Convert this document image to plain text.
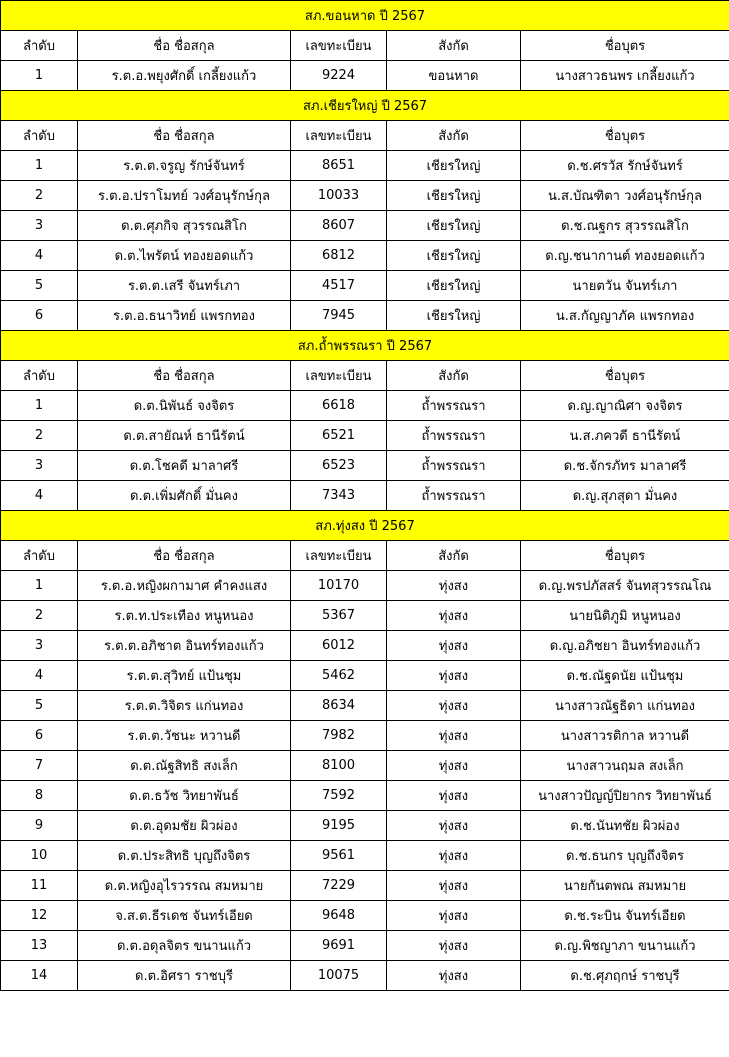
สภ.ขอนหาด ปี 2567				
ลำดับ	ชื่อ ชื่อสกุล	เลขทะเบียน	สังกัด	ชื่อบุตร
1	ร.ต.อ.พยุงศักดิ์ เกลี้ยงแก้ว	9224	ขอนหาด	นางสาวธนพร เกลี้ยงแก้ว
สภ.เชียรใหญ่ ปี 2567				
ลำดับ	ชื่อ ชื่อสกุล	เลขทะเบียน	สังกัด	ชื่อบุตร
1	ร.ต.ต.จรูญ รักษ์จันทร์	8651	เชียรใหญ่	ด.ช.ศรวัส รักษ์จันทร์
2	ร.ต.อ.ปราโมทย์ วงศ์อนุรักษ์กุล	10033	เชียรใหญ่	น.ส.บัณฑิตา วงศ์อนุรักษ์กุล
3	ด.ต.ศุภกิจ สุวรรณสิโก	8607	เชียรใหญ่	ด.ช.ณฐกร สุวรรณสิโก
4	ด.ต.ไพรัตน์ ทองยอดแก้ว	6812	เชียรใหญ่	ด.ญ.ชนากานต์ ทองยอดแก้ว
5	ร.ต.ต.เสรี จันทร์เภา	4517	เชียรใหญ่	นายตวัน จันทร์เภา
6	ร.ต.อ.ธนาวิทย์ แพรกทอง	7945	เชียรใหญ่	น.ส.กัญญาภัค แพรกทอง
สภ.ถ้ำพรรณรา ปี 2567				
ลำดับ	ชื่อ ชื่อสกุล	เลขทะเบียน	สังกัด	ชื่อบุตร
1	ด.ต.นิพันธ์ จงจิตร	6618	ถ้ำพรรณรา	ด.ญ.ญาณิศา จงจิตร
2	ด.ต.สายัณห์ ธานีรัตน์	6521	ถ้ำพรรณรา	น.ส.ภควดี ธานีรัตน์
3	ด.ต.โชคดี มาลาศรี	6523	ถ้ำพรรณรา	ด.ช.จักรภัทร มาลาศรี
4	ด.ต.เพิ่มศักดิ์ มั่นคง	7343	ถ้ำพรรณรา	ด.ญ.สุภสุดา มั่นคง
สภ.ทุ่งสง ปี 2567				
ลำดับ	ชื่อ ชื่อสกุล	เลขทะเบียน	สังกัด	ชื่อบุตร
1	ร.ต.อ.หญิงผกามาศ คำคงแสง	10170	ทุ่งสง	ด.ญ.พรปภัสสร์ จันทสุวรรณโณ
2	ร.ต.ท.ประเทือง หนูหนอง	5367	ทุ่งสง	นายนิติภูมิ หนูหนอง
3	ร.ต.ต.อภิชาต อินทร์ทองแก้ว	6012	ทุ่งสง	ด.ญ.อภิชยา อินทร์ทองแก้ว
4	ร.ต.ต.สุวิทย์ แป้นชุม	5462	ทุ่งสง	ด.ช.ณัฐดนัย แป้นชุม
5	ร.ต.ต.วิจิตร แก่นทอง	8634	ทุ่งสง	นางสาวณัฐธิดา แก่นทอง
6	ร.ต.ต.วัชนะ หวานดี	7982	ทุ่งสง	นางสาวรติกาล หวานดี
7	ด.ต.ณัฐสิทธิ สงเล็ก	8100	ทุ่งสง	นางสาวนฤมล สงเล็ก
8	ด.ต.ธวัช วิทยาพันธ์	7592	ทุ่งสง	นางสาวปัญญ์ปิยากร วิทยาพันธ์
9	ด.ต.อุดมชัย ผิวผ่อง	9195	ทุ่งสง	ด.ช.นันทชัย ผิวผ่อง
10	ด.ต.ประสิทธิ บุญถึงจิตร	9561	ทุ่งสง	ด.ช.ธนกร บุญถึงจิตร
11	ด.ต.หญิงอุไรวรรณ สมหมาย	7229	ทุ่งสง	นายกันตพณ สมหมาย
12	จ.ส.ต.ธีรเดช จันทร์เอียด	9648	ทุ่งสง	ด.ช.ระบิน จันทร์เอียด
13	ด.ต.อดุลจิตร ขนานแก้ว	9691	ทุ่งสง	ด.ญ.พิชญาภา ขนานแก้ว
14	ด.ต.อิศรา ราชบุรี	10075	ทุ่งสง	ด.ช.ศุภฤกษ์ ราชบุรี
